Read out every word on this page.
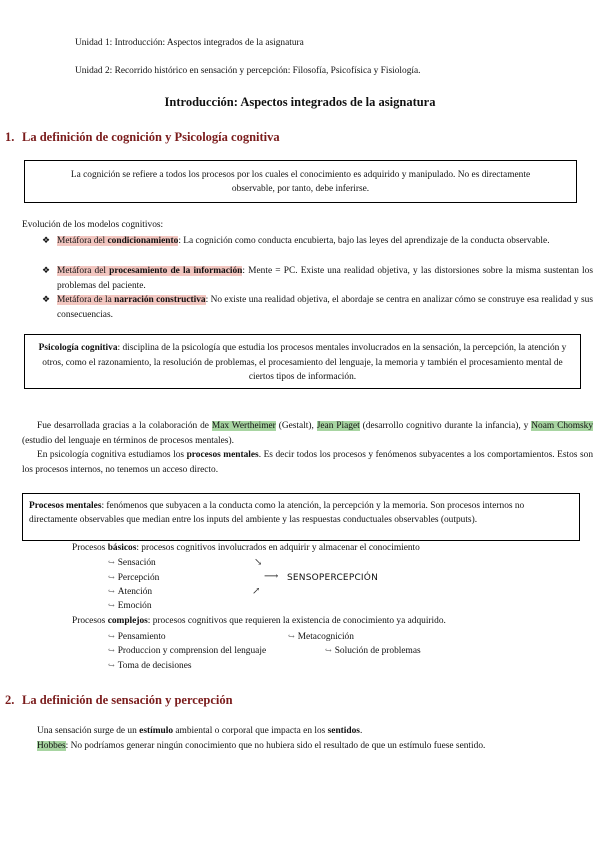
Unidad 1: Introducción: Aspectos integrados de la asignatura
Unidad 2: Recorrido histórico en sensación y percepción: Filosofía, Psicofísica y Fisiología.
Introducción: Aspectos integrados de la asignatura
1. La definición de cognición y Psicología cognitiva
La cognición se refiere a todos los procesos por los cuales el conocimiento es adquirido y manipulado. No es directamente observable, por tanto, debe inferirse.
Evolución de los modelos cognitivos:
❖ Metáfora del condicionamiento: La cognición como conducta encubierta, bajo las leyes del aprendizaje de la conducta observable.
❖ Metáfora del procesamiento de la información: Mente = PC. Existe una realidad objetiva, y las distorsiones sobre la misma sustentan los problemas del paciente.
❖ Metáfora de la narración constructiva: No existe una realidad objetiva, el abordaje se centra en analizar cómo se construye esa realidad y sus consecuencias.
Psicología cognitiva: disciplina de la psicología que estudia los procesos mentales involucrados en la sensación, la percepción, la atención y otros, como el razonamiento, la resolución de problemas, el procesamiento del lenguaje, la memoria y también el procesamiento mental de ciertos tipos de información.
Fue desarrollada gracias a la colaboración de Max Wertheimer (Gestalt), Jean Piaget (desarrollo cognitivo durante la infancia), y Noam Chomsky (estudio del lenguaje en términos de procesos mentales).
En psicología cognitiva estudiamos los procesos mentales. Es decir todos los procesos y fenómenos subyacentes a los comportamientos. Estos son los procesos internos, no tenemos un acceso directo.
Procesos mentales: fenómenos que subyacen a la conducta como la atención, la percepción y la memoria. Son procesos internos no directamente observables que median entre los inputs del ambiente y las respuestas conductuales observables (outputs).
Procesos básicos: procesos cognitivos involucrados en adquirir y almacenar el conocimiento
↪ Sensación
↪ Percepción
↪ Atención
↪ Emoción
↘
⟶
↗
SENSOPERCEPCIÓN
Procesos complejos: procesos cognitivos que requieren la existencia de conocimiento ya adquirido.
↪ Pensamiento
↪ Produccion y comprension del lenguaje
↪ Toma de decisiones
↪ Metacognición
↪ Solución de problemas
2. La definición de sensación y percepción
Una sensación surge de un estímulo ambiental o corporal que impacta en los sentidos.
Hobbes: No podríamos generar ningún conocimiento que no hubiera sido el resultado de que un estímulo fuese sentido.
